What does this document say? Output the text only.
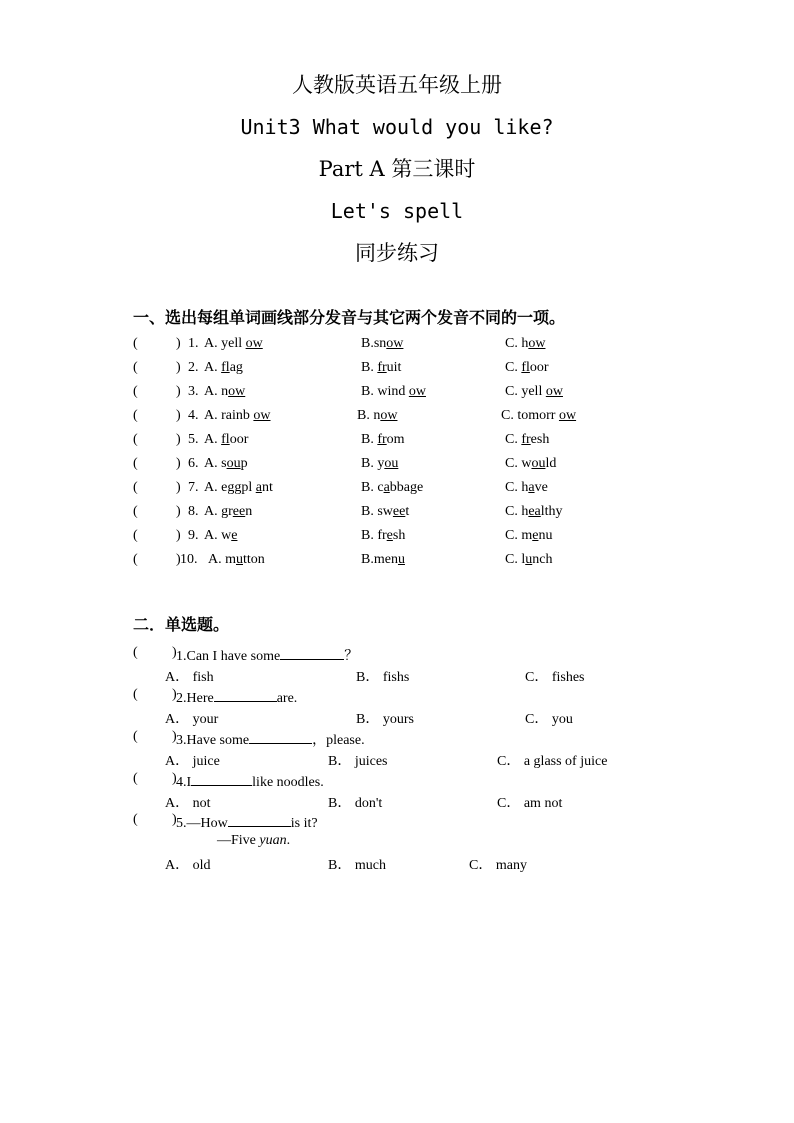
人教版英语五年级上册
Unit3 What would you like?
Part A 第三课时
Let's spell
同步练习
一、选出每组单词画线部分发音与其它两个发音不同的一项。
(	) 1. A. yell ow	B.snow	C. how
(	) 2. A. flag	B. fruit	C. floor
(	) 3. A. now	B. wind ow	C. yell ow
(	) 4. A. rainb ow	B. now	C. tomorr ow
(	) 5. A. floor	B. from	C. fresh
(	) 6. A. soup	B. you	C. would
(	) 7. A. eggpl ant	B. cabbage	C. have
(	) 8. A. green	B. sweet	C. healthy
(	) 9. A. we	B. fresh	C. menu
(	) 10. A. mutton	B.menu	C. lunch
二．单选题。
( ) 1.Can I have some	？
A． fish	B． fishs	C． fishes
( ) 2.Here	are.
A． your	B． yours	C． you
( ) 3.Have some	，please.
A． juice	B． juices	C． a glass of juice
( ) 4.I	like noodles.
A． not	B． don't	C． am not
( ) 5.—How	is it?
—Five yuan.
A． old	B． much	C． many
